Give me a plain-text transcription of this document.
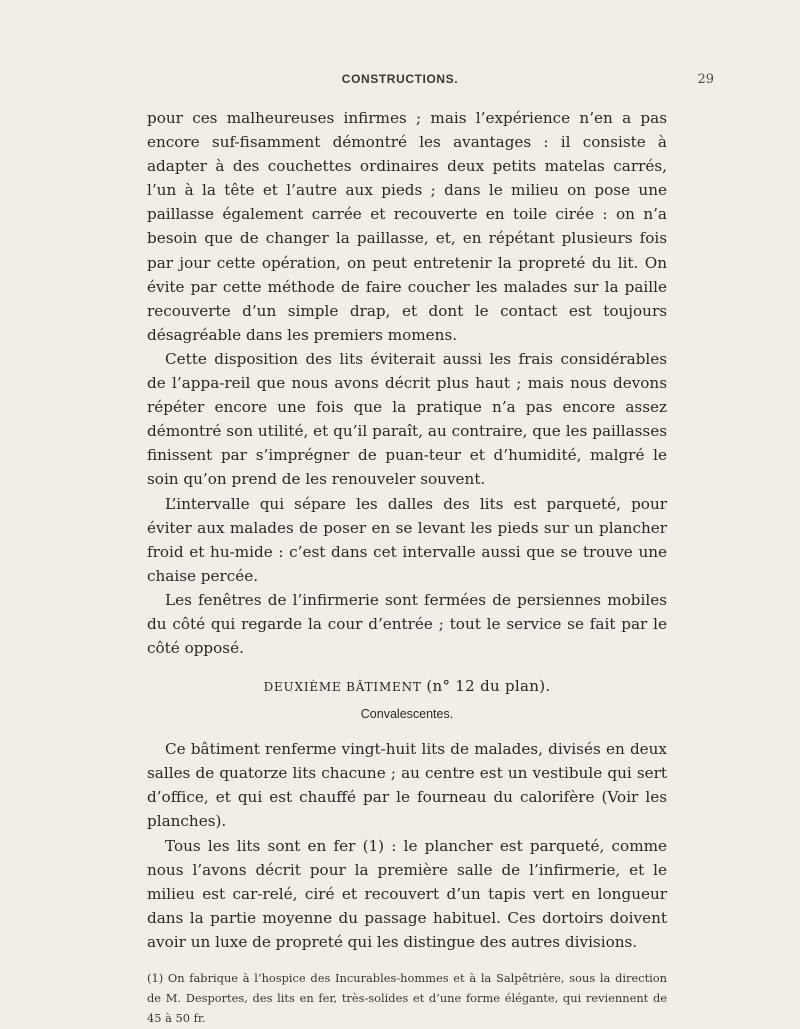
CONSTRUCTIONS.	29

pour ces malheureuses infirmes ; mais l’expérience n’en a pas encore suf-fisamment démontré les avantages : il consiste à adapter à des couchettes ordinaires deux petits matelas carrés, l’un à la tête et l’autre aux pieds ; dans le milieu on pose une paillasse également carrée et recouverte en toile cirée : on n’a besoin que de changer la paillasse, et, en répétant plusieurs fois par jour cette opération, on peut entretenir la propreté du lit. On évite par cette méthode de faire coucher les malades sur la paille recouverte d’un simple drap, et dont le contact est toujours désagréable dans les premiers momens.

Cette disposition des lits éviterait aussi les frais considérables de l’appa-reil que nous avons décrit plus haut ; mais nous devons répéter encore une fois que la pratique n’a pas encore assez démontré son utilité, et qu’il paraît, au contraire, que les paillasses finissent par s’imprégner de puan-teur et d’humidité, malgré le soin qu’on prend de les renouveler souvent.

L’intervalle qui sépare les dalles des lits est parqueté, pour éviter aux malades de poser en se levant les pieds sur un plancher froid et hu-mide : c’est dans cet intervalle aussi que se trouve une chaise percée.

Les fenêtres de l’infirmerie sont fermées de persiennes mobiles du côté qui regarde la cour d’entrée ; tout le service se fait par le côté opposé.

DEUXIÈME BÂTIMENT (n° 12 du plan).
Convalescentes.

Ce bâtiment renferme vingt-huit lits de malades, divisés en deux salles de quatorze lits chacune ; au centre est un vestibule qui sert d’office, et qui est chauffé par le fourneau du calorifère (Voir les planches).

Tous les lits sont en fer (1) : le plancher est parqueté, comme nous l’avons décrit pour la première salle de l’infirmerie, et le milieu est car-relé, ciré et recouvert d’un tapis vert en longueur dans la partie moyenne du passage habituel. Ces dortoirs doivent avoir un luxe de propreté qui les distingue des autres divisions.

(1) On fabrique à l’hospice des Incurables-hommes et à la Salpêtrière, sous la direction de M. Desportes, des lits en fer, très-solides et d’une forme élégante, qui reviennent de 45 à 50 fr.
